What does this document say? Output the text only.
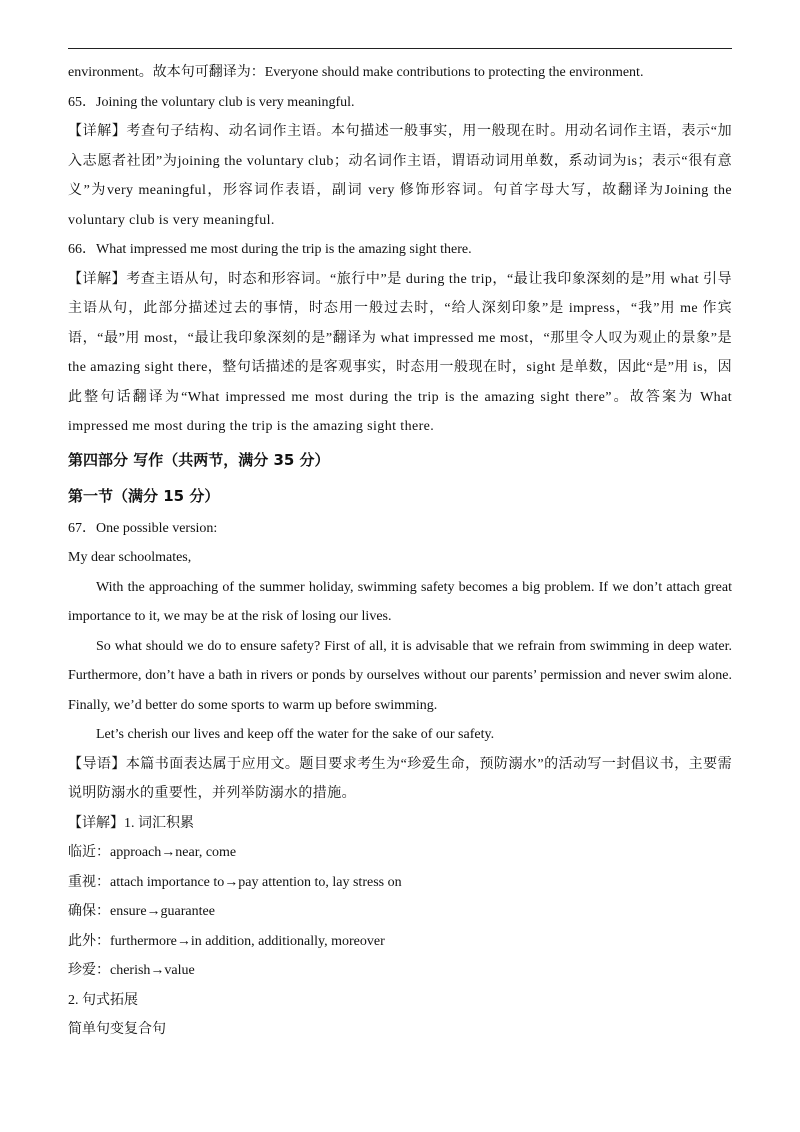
environment。故本句可翻译为：Everyone should make contributions to protecting the environment.

65．Joining the voluntary club is very meaningful.

【详解】考查句子结构、动名词作主语。本句描述一般事实，用一般现在时。用动名词作主语，表示“加入志愿者社团”为joining the voluntary club；动名词作主语，谓语动词用单数，系动词为is；表示“很有意义”为very meaningful，形容词作表语，副词 very 修饰形容词。句首字母大写，故翻译为Joining the voluntary club is very meaningful.

66．What impressed me most during the trip is the amazing sight there.

【详解】考查主语从句，时态和形容词。“旅行中”是 during the trip，“最让我印象深刻的是”用 what 引导主语从句，此部分描述过去的事情，时态用一般过去时，“给人深刻印象”是 impress，“我”用 me 作宾语，“最”用 most，“最让我印象深刻的是”翻译为 what impressed me most，“那里令人叹为观止的景象”是 the amazing sight there，整句话描述的是客观事实，时态用一般现在时，sight 是单数，因此“是”用 is，因此整句话翻译为“What impressed me most during the trip is the amazing sight there”。故答案为 What impressed me most during the trip is the amazing sight there.

第四部分 写作（共两节，满分 35 分）
第一节（满分 15 分）

67．One possible version:

My dear schoolmates,

With the approaching of the summer holiday, swimming safety becomes a big problem. If we don’t attach great importance to it, we may be at the risk of losing our lives.

So what should we do to ensure safety? First of all, it is advisable that we refrain from swimming in deep water. Furthermore, don’t have a bath in rivers or ponds by ourselves without our parents’ permission and never swim alone. Finally, we’d better do some sports to warm up before swimming.

Let’s cherish our lives and keep off the water for the sake of our safety.

【导语】本篇书面表达属于应用文。题目要求考生为“珍爱生命，预防溺水”的活动写一封倡议书，主要需说明防溺水的重要性，并列举防溺水的措施。

【详解】1. 词汇积累

临近：approach→near, come

重视：attach importance to→pay attention to, lay stress on

确保：ensure→guarantee

此外：furthermore→in addition, additionally, moreover

珍爱：cherish→value

2. 句式拓展

简单句变复合句
